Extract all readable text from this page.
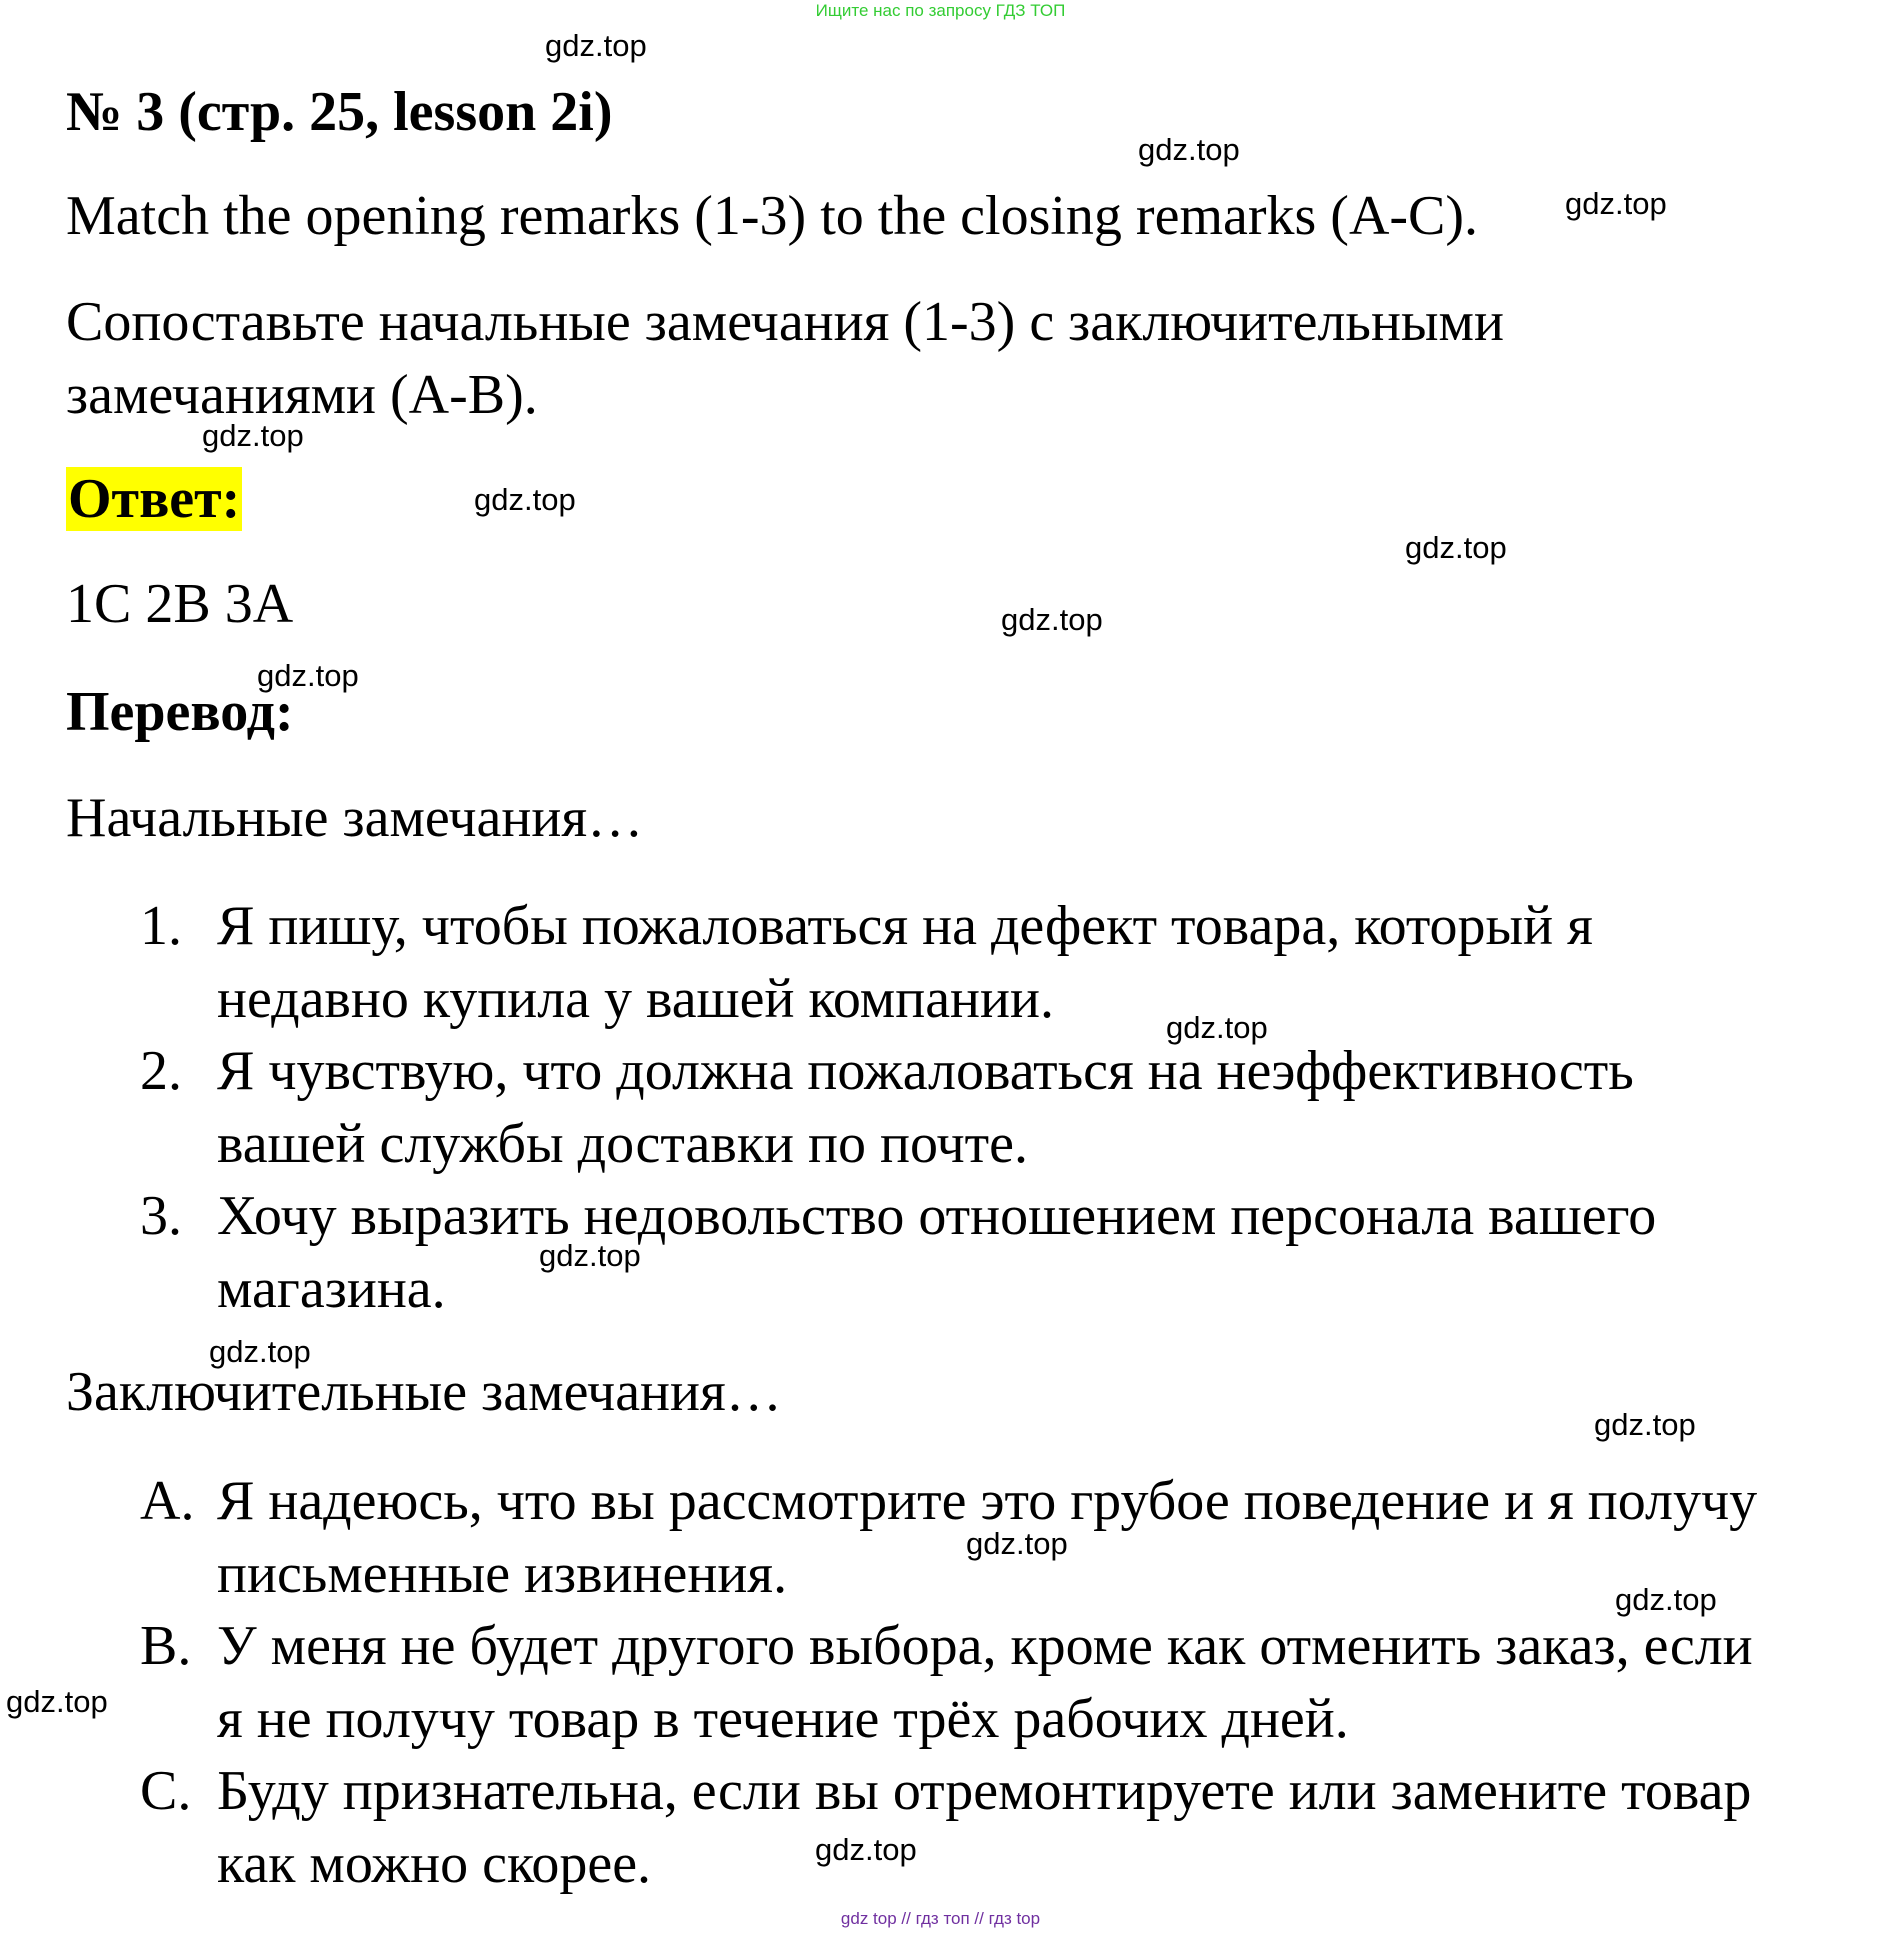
Ищите нас по запросу ГДЗ ТОП
№ 3 (стр. 25, lesson 2i)

Match the opening remarks (1-3) to the closing remarks (A-C).

Сопоставьте начальные замечания (1-3) с заключительными
замечаниями (A-B).

Ответ:
1C 2B 3A
Перевод:
Начальные замечания…
1. Я пишу, чтобы пожаловаться на дефект товара, который я
недавно купила у вашей компании.
2. Я чувствую, что должна пожаловаться на неэффективность
вашей службы доставки по почте.
3. Хочу выразить недовольство отношением персонала вашего
магазина.
Заключительные замечания…
A. Я надеюсь, что вы рассмотрите это грубое поведение и я получу
письменные извинения.
B. У меня не будет другого выбора, кроме как отменить заказ, если
я не получу товар в течение трёх рабочих дней.
C. Буду признательна, если вы отремонтируете или замените товар
как можно скорее.
gdz.top
gdz.top
gdz.top
gdz.top
gdz.top
gdz.top
gdz.top
gdz.top
gdz.top
gdz.top
gdz.top
gdz.top
gdz.top
gdz.top
gdz.top
gdz.top
gdz top // гдз топ // гдз top
